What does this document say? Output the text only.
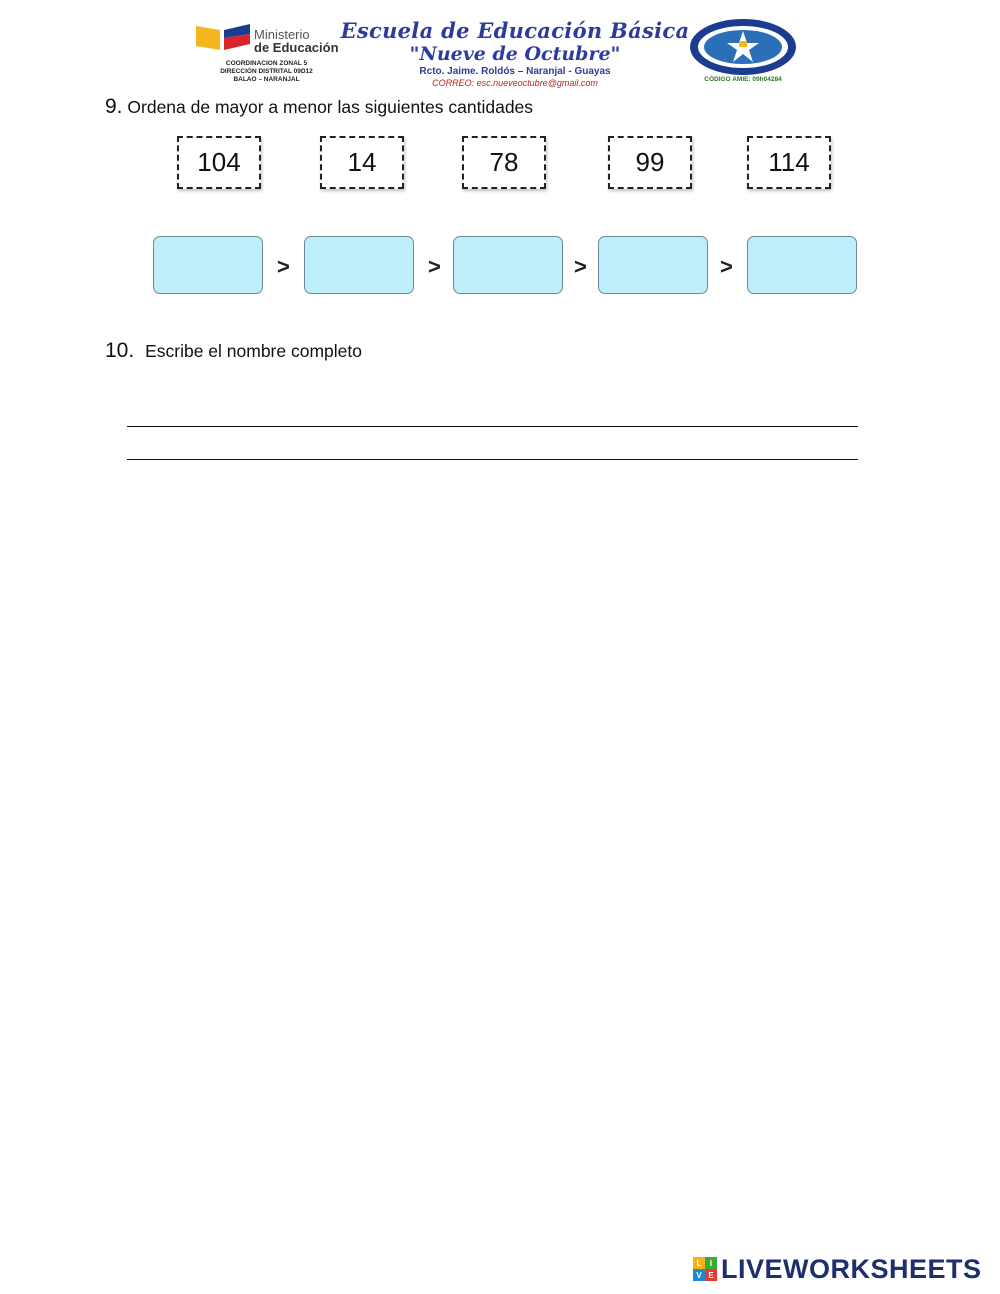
Ministerio
de Educación
COORDINACION ZONAL 5
DIRECCIÓN DISTRITAL 09D12
BALAO – NARANJAL
Escuela de Educación Básica
"Nueve de Octubre"
Rcto. Jaime. Roldós – Naranjal - Guayas
CORREO: esc.nueveoctubre@gmail.com	CÓDIGO AMIE: 09h04284
9. Ordena de mayor a menor las siguientes cantidades
104	14	78	99	114
>	>	>	>
10. Escribe el nombre completo
L	I
V E LIVEWORKSHEETS
